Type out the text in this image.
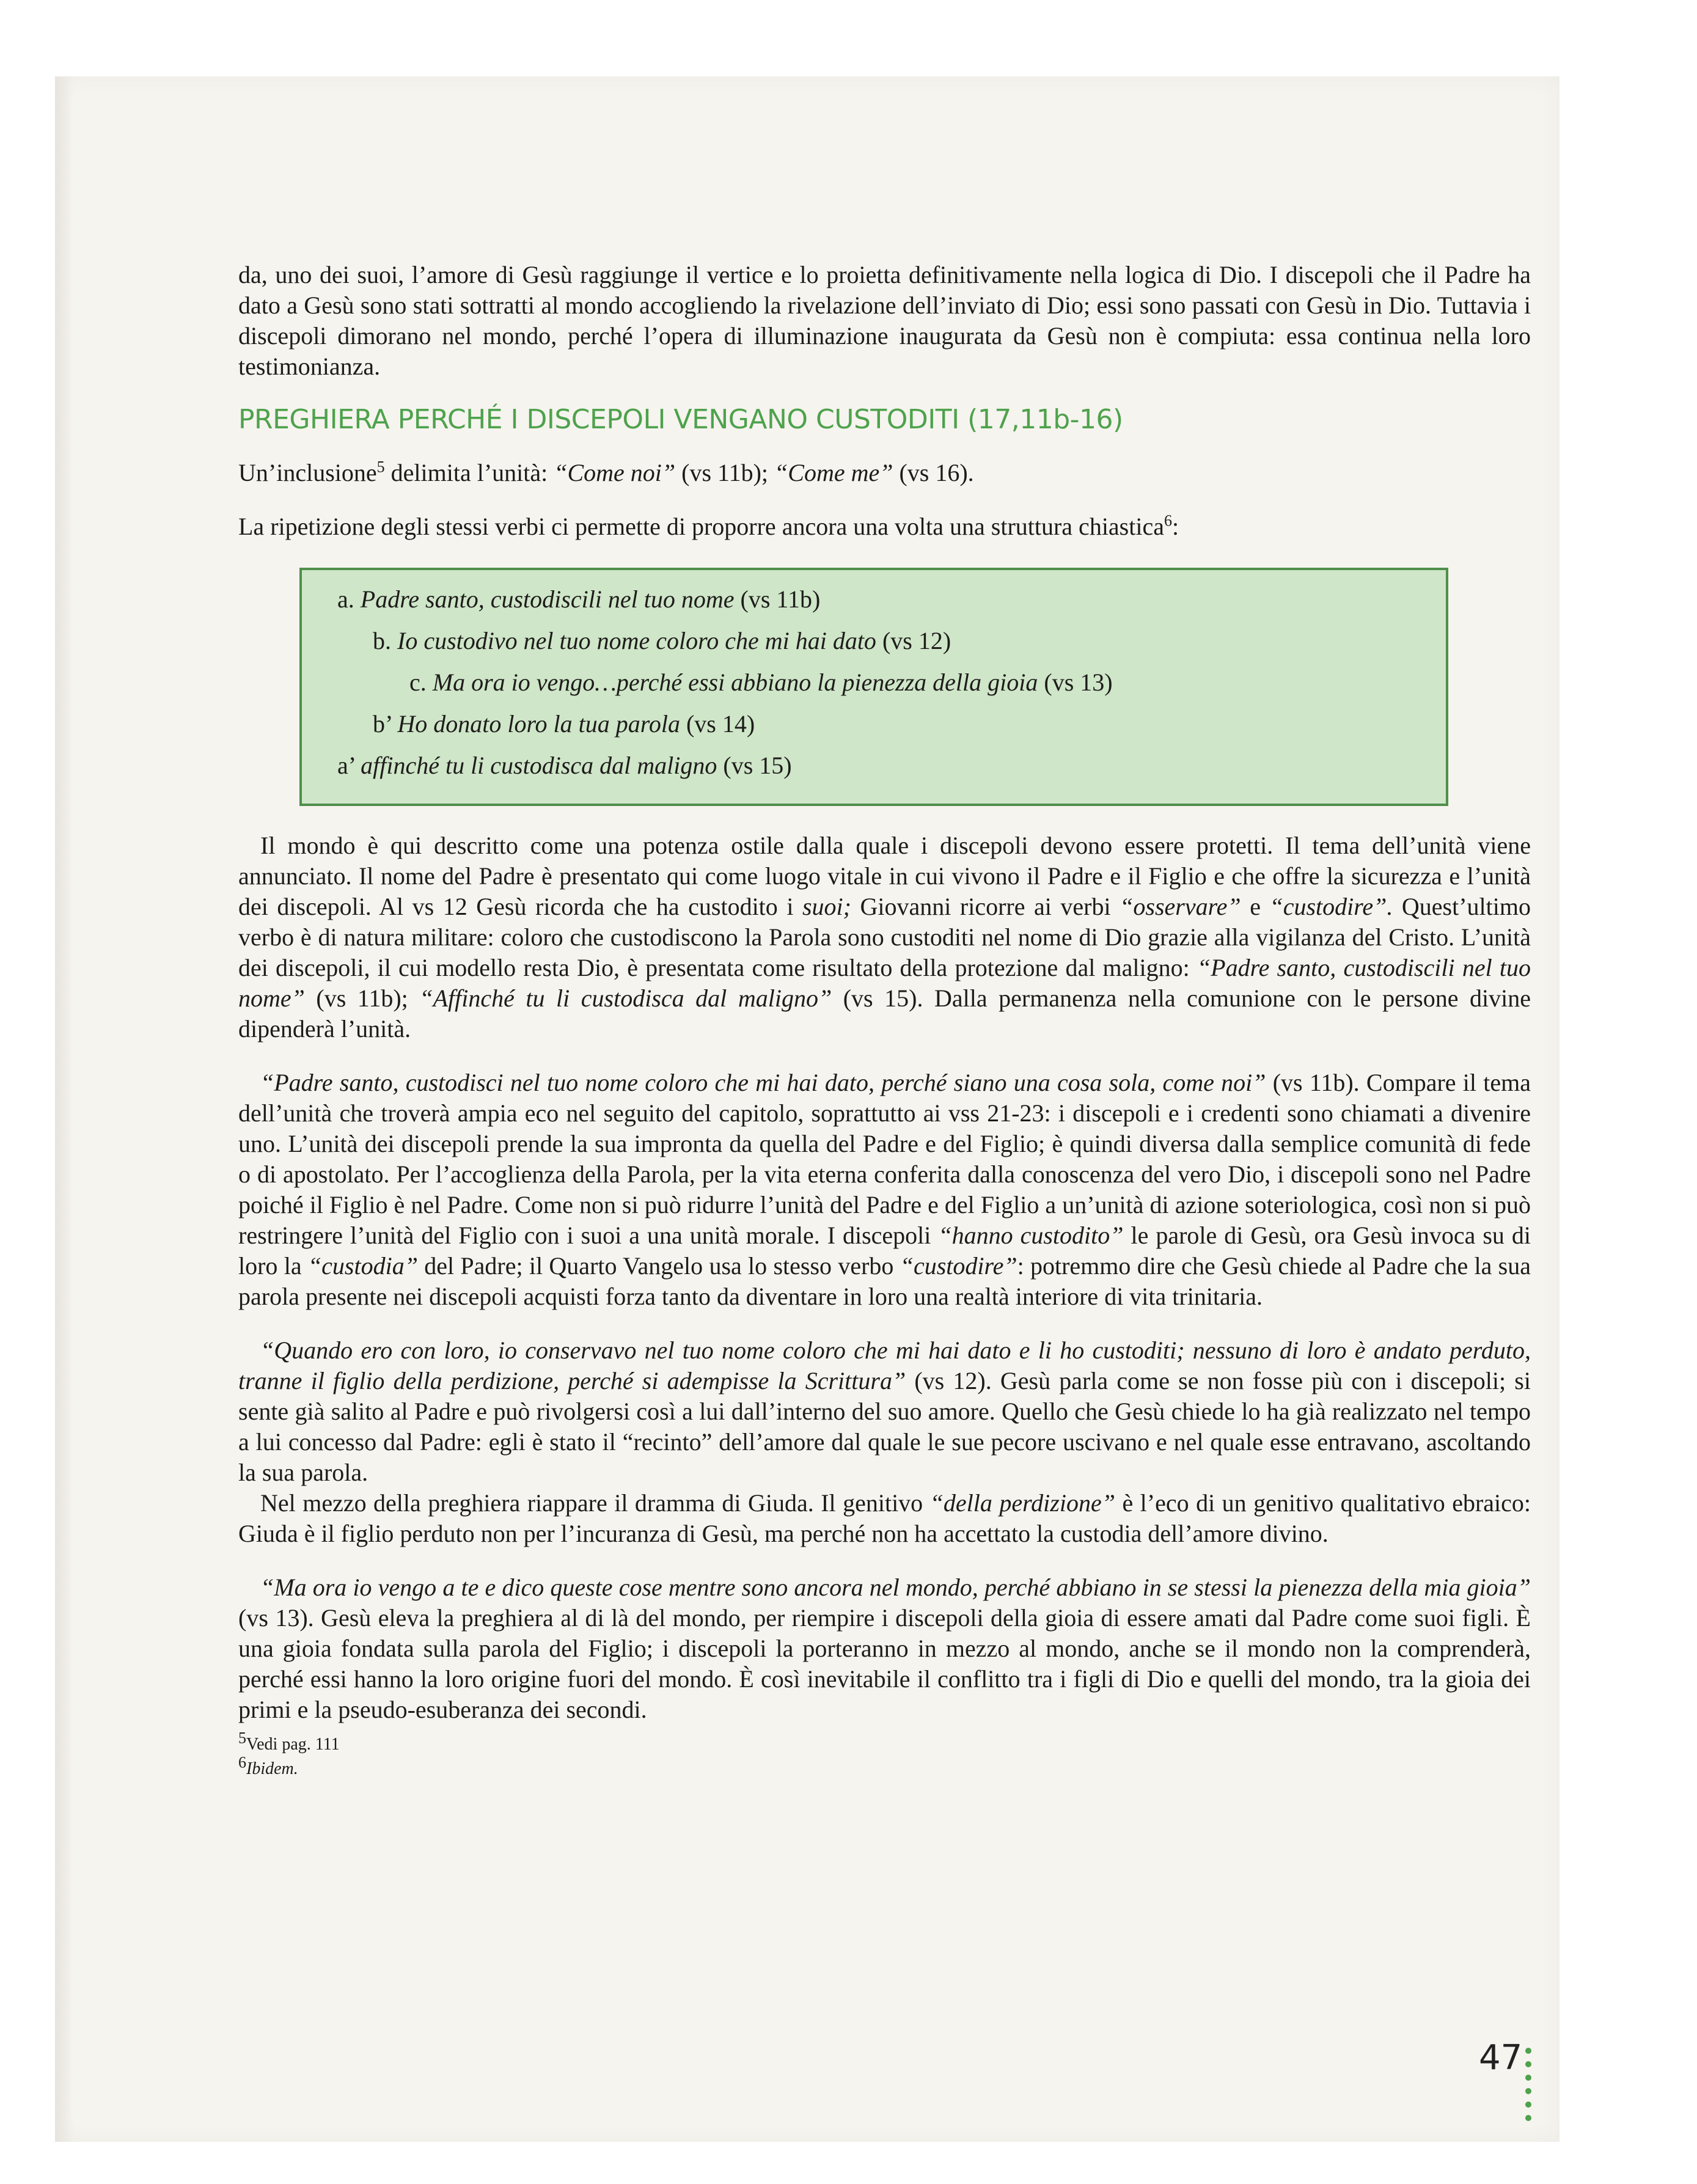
da, uno dei suoi, l’amore di Gesù raggiunge il vertice e lo proietta definitivamente nella logica di Dio. I discepoli che il Padre ha dato a Gesù sono stati sottratti al mondo accogliendo la rivelazione dell’inviato di Dio; essi sono passati con Gesù in Dio. Tuttavia i discepoli dimorano nel mondo, perché l’opera di illuminazione inaugurata da Gesù non è compiuta: essa continua nella loro testimonianza.

PREGHIERA PERCHÉ I DISCEPOLI VENGANO CUSTODITI (17,11b-16)

Un’inclusione$^5$ delimita l’unità: “Come noi” (vs 11b); “Come me” (vs 16).

La ripetizione degli stessi verbi ci permette di proporre ancora una volta una struttura chiastica$^6$:

a. Padre santo, custodiscili nel tuo nome (vs 11b)
b. Io custodivo nel tuo nome coloro che mi hai dato (vs 12)
c. Ma ora io vengo…perché essi abbiano la pienezza della gioia (vs 13)
b’ Ho donato loro la tua parola (vs 14)
a’ affinché tu li custodisca dal maligno (vs 15)

Il mondo è qui descritto come una potenza ostile dalla quale i discepoli devono essere protetti. Il tema dell’unità viene annunciato. Il nome del Padre è presentato qui come luogo vitale in cui vivono il Padre e il Figlio e che offre la sicurezza e l’unità dei discepoli. Al vs 12 Gesù ricorda che ha custodito i suoi; Giovanni ricorre ai verbi “osservare” e “custodire”. Quest’ultimo verbo è di natura militare: coloro che custodiscono la Parola sono custoditi nel nome di Dio grazie alla vigilanza del Cristo. L’unità dei discepoli, il cui modello resta Dio, è presentata come risultato della protezione dal maligno: “Padre santo, custodiscili nel tuo nome” (vs 11b); “Affinché tu li custodisca dal maligno” (vs 15). Dalla permanenza nella comunione con le persone divine dipenderà l’unità.

“Padre santo, custodisci nel tuo nome coloro che mi hai dato, perché siano una cosa sola, come noi” (vs 11b). Compare il tema dell’unità che troverà ampia eco nel seguito del capitolo, soprattutto ai vss 21-23: i discepoli e i credenti sono chiamati a divenire uno. L’unità dei discepoli prende la sua impronta da quella del Padre e del Figlio; è quindi diversa dalla semplice comunità di fede o di apostolato. Per l’accoglienza della Parola, per la vita eterna conferita dalla conoscenza del vero Dio, i discepoli sono nel Padre poiché il Figlio è nel Padre. Come non si può ridurre l’unità del Padre e del Figlio a un’unità di azione soteriologica, così non si può restringere l’unità del Figlio con i suoi a una unità morale. I discepoli “hanno custodito” le parole di Gesù, ora Gesù invoca su di loro la “custodia” del Padre; il Quarto Vangelo usa lo stesso verbo “custodire”: potremmo dire che Gesù chiede al Padre che la sua parola presente nei discepoli acquisti forza tanto da diventare in loro una realtà interiore di vita trinitaria.

“Quando ero con loro, io conservavo nel tuo nome coloro che mi hai dato e li ho custoditi; nessuno di loro è andato perduto, tranne il figlio della perdizione, perché si adempisse la Scrittura” (vs 12). Gesù parla come se non fosse più con i discepoli; si sente già salito al Padre e può rivolgersi così a lui dall’interno del suo amore. Quello che Gesù chiede lo ha già realizzato nel tempo a lui concesso dal Padre: egli è stato il “recinto” dell’amore dal quale le sue pecore uscivano e nel quale esse entravano, ascoltando la sua parola.

Nel mezzo della preghiera riappare il dramma di Giuda. Il genitivo “della perdizione” è l’eco di un genitivo qualitativo ebraico: Giuda è il figlio perduto non per l’incuranza di Gesù, ma perché non ha accettato la custodia dell’amore divino.

“Ma ora io vengo a te e dico queste cose mentre sono ancora nel mondo, perché abbiano in se stessi la pienezza della mia gioia” (vs 13). Gesù eleva la preghiera al di là del mondo, per riempire i discepoli della gioia di essere amati dal Padre come suoi figli. È una gioia fondata sulla parola del Figlio; i discepoli la porteranno in mezzo al mondo, anche se il mondo non la comprenderà, perché essi hanno la loro origine fuori del mondo. È così inevitabile il conflitto tra i figli di Dio e quelli del mondo, tra la gioia dei primi e la pseudo-esuberanza dei secondi.

5Vedi pag. 111
6Ibidem.
47
